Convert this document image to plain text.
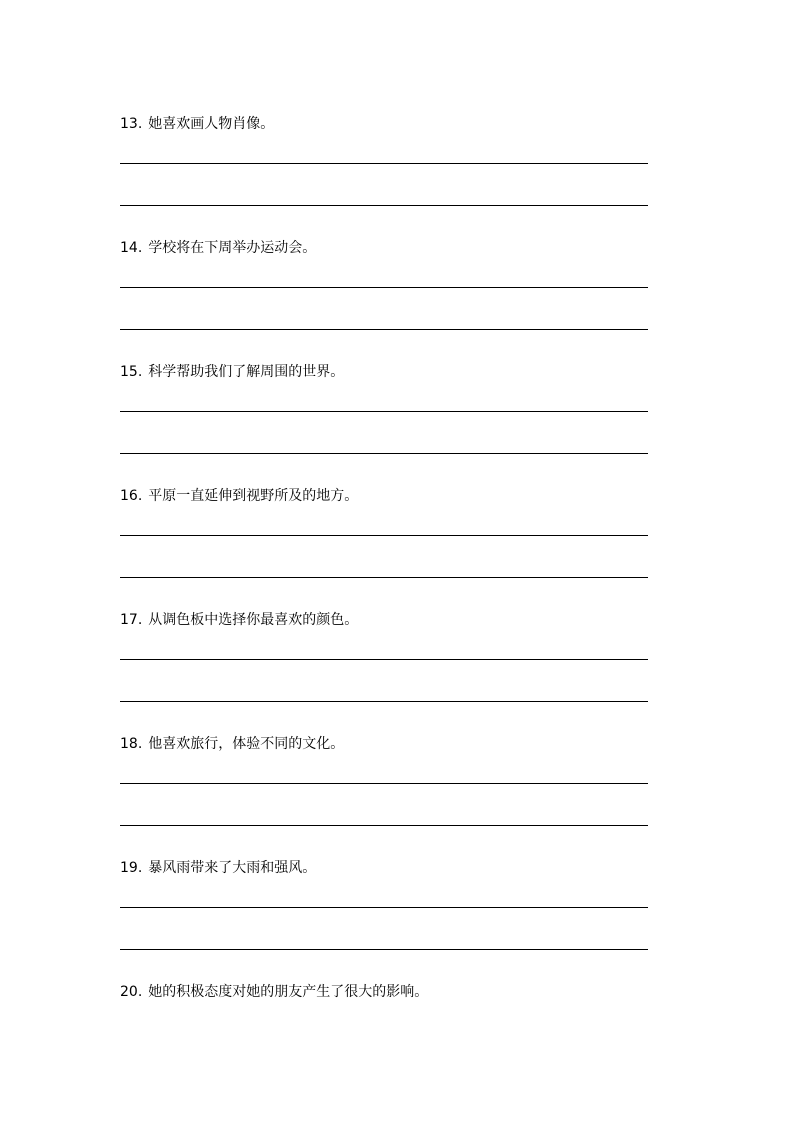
13. 她喜欢画人物肖像。
14. 学校将在下周举办运动会。
15. 科学帮助我们了解周围的世界。
16. 平原一直延伸到视野所及的地方。
17. 从调色板中选择你最喜欢的颜色。
18. 他喜欢旅行，体验不同的文化。
19. 暴风雨带来了大雨和强风。
20. 她的积极态度对她的朋友产生了很大的影响。
